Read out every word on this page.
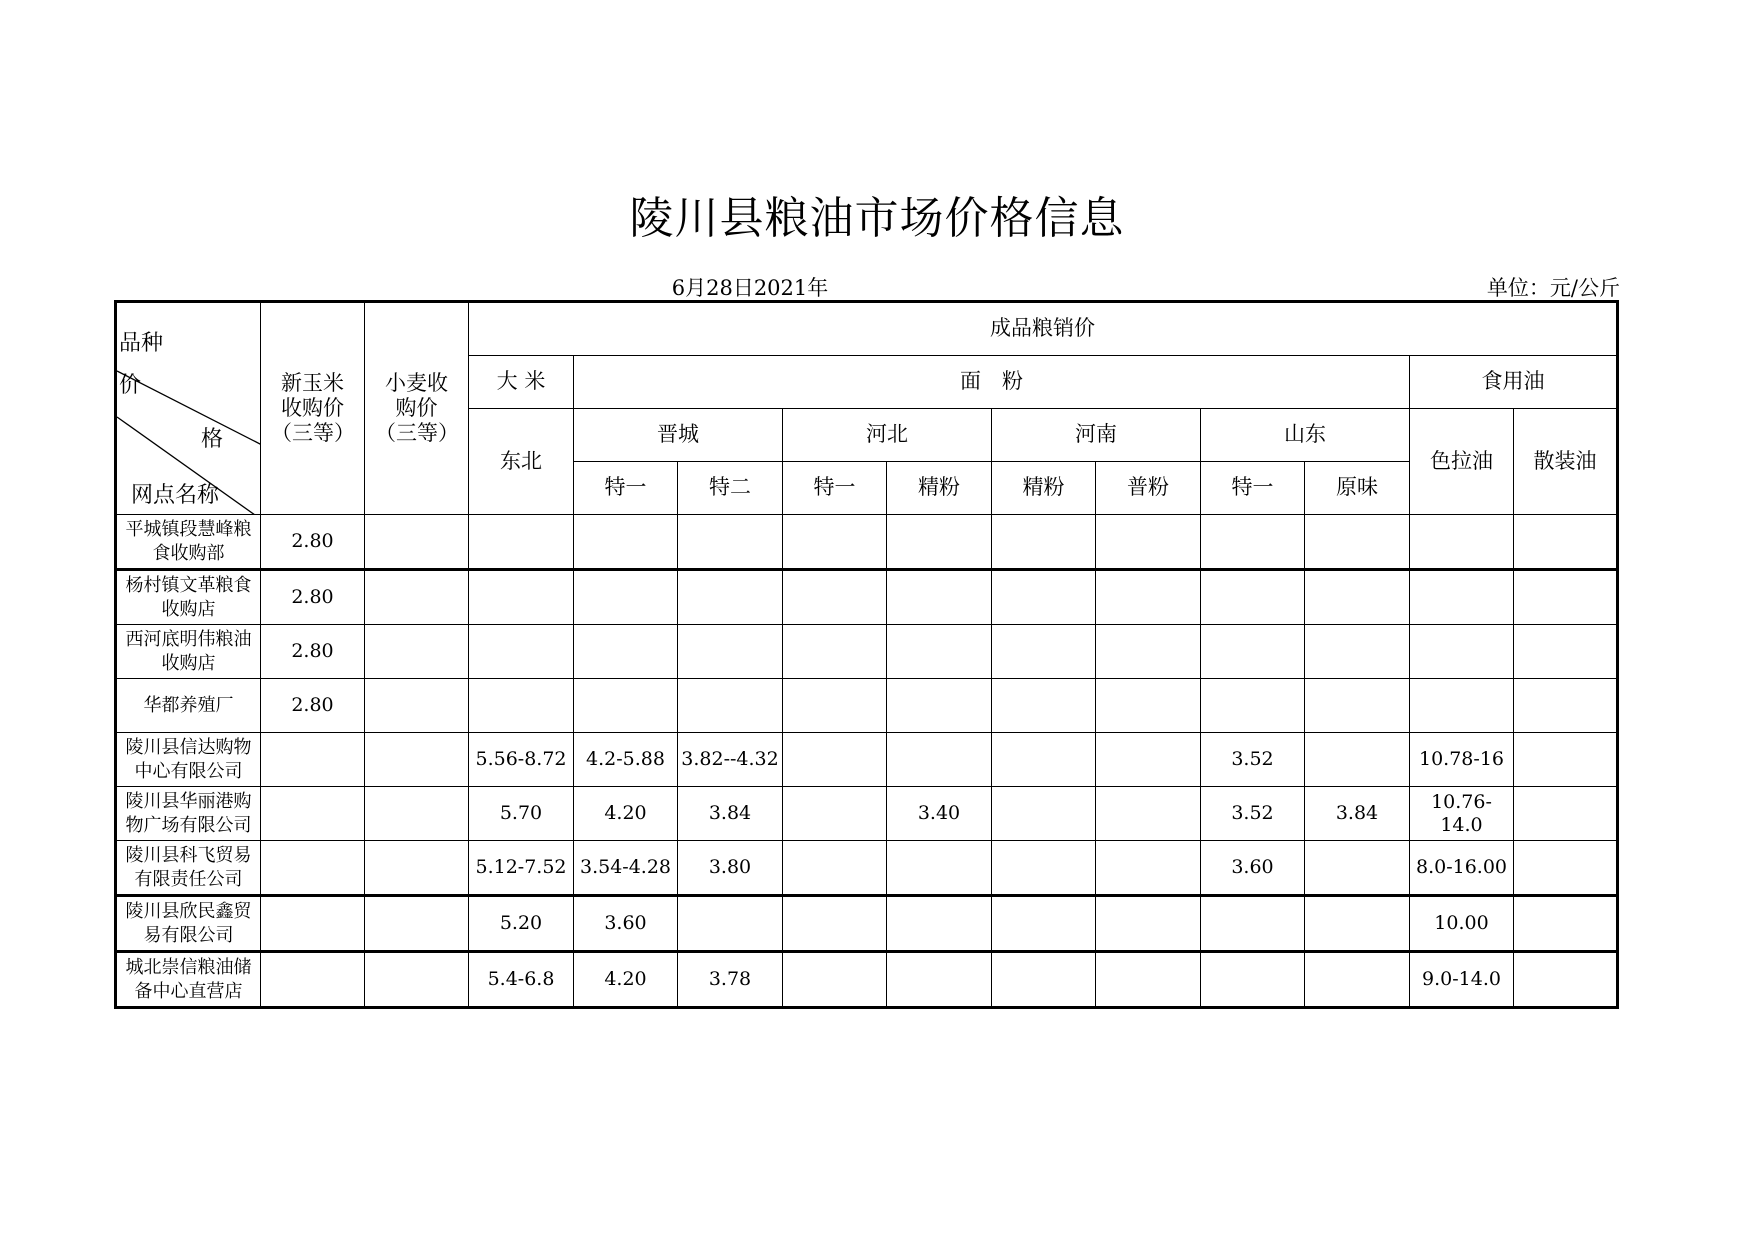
陵川县粮油市场价格信息
6月28日2021年	单位：元/公斤
品种
价
格
网点名称	新玉米收购价（三等）	小麦收购价（三等）	成品粮销价										
			大 米	面　粉								食用油	
			东北	晋城		河北		河南		山东		色拉油	散装油
				特一	特二	特一	精粉	精粉	普粉	特一	原味		
平城镇段慧峰粮食收购部	2.80												
杨村镇文革粮食收购店	2.80												
西河底明伟粮油收购店	2.80												
华都养殖厂	2.80												
陵川县信达购物中心有限公司			5.56-8.72	4.2-5.88	3.82--4.32					3.52		10.78-16	
陵川县华丽港购物广场有限公司			5.70	4.20	3.84		3.40			3.52	3.84	10.76-14.0	
陵川县科飞贸易有限责任公司			5.12-7.52	3.54-4.28	3.80					3.60		8.0-16.00	
陵川县欣民鑫贸易有限公司			5.20	3.60								10.00	
城北崇信粮油储备中心直营店			5.4-6.8	4.20	3.78							9.0-14.0	
